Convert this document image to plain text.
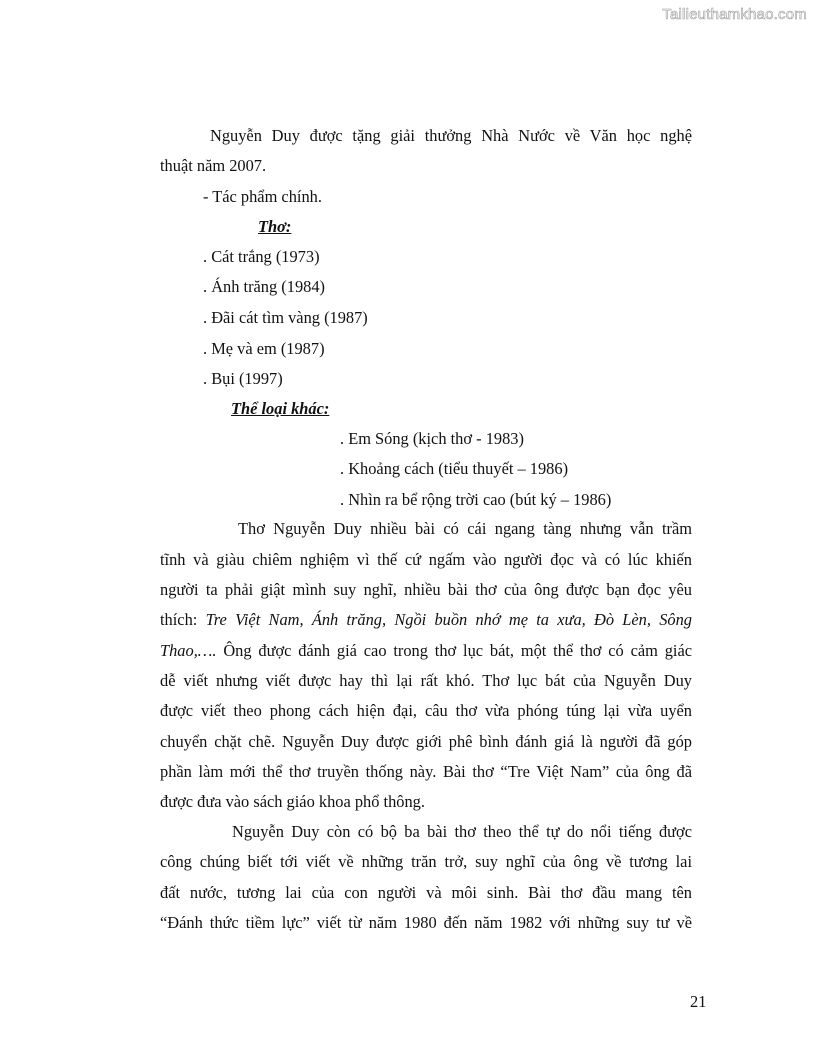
Tailieuthamkhao.com
Nguyễn Duy được tặng giải thưởng Nhà Nước về Văn học nghệ
thuật năm 2007.
- Tác phẩm chính.
Thơ:
. Cát trắng (1973)
. Ánh trăng (1984)
. Đãi cát tìm vàng (1987)
. Mẹ và em (1987)
. Bụi (1997)
Thể loại khác:
. Em Sóng (kịch thơ - 1983)
. Khoảng cách (tiểu thuyết – 1986)
. Nhìn ra bể rộng trời cao (bút ký – 1986)
Thơ Nguyễn Duy nhiều bài có cái ngang tàng nhưng vẫn trầm
tĩnh và giàu chiêm nghiệm vì thế cứ ngấm vào người đọc và có lúc khiến
người ta phải giật mình suy nghĩ, nhiều bài thơ của ông được bạn đọc yêu
thích: Tre Việt Nam, Ánh trăng, Ngồi buồn nhớ mẹ ta xưa, Đò Lèn, Sông
Thao,…. Ông được đánh giá cao trong thơ lục bát, một thể thơ có cảm giác
dễ viết nhưng viết được hay thì lại rất khó. Thơ lục bát của Nguyễn Duy
được viết theo phong cách hiện đại, câu thơ vừa phóng túng lại vừa uyển
chuyển chặt chẽ. Nguyễn Duy được giới phê bình đánh giá là người đã góp
phần làm mới thể thơ truyền thống này. Bài thơ “Tre Việt Nam” của ông đã
được đưa vào sách giáo khoa phổ thông.
Nguyễn Duy còn có bộ ba bài thơ theo thể tự do nổi tiếng được
công chúng biết tới viết về những trăn trở, suy nghĩ của ông về tương lai
đất nước, tương lai của con người và môi sinh. Bài thơ đầu mang tên
“Đánh thức tiềm lực” viết từ năm 1980 đến năm 1982 với những suy tư về
21
